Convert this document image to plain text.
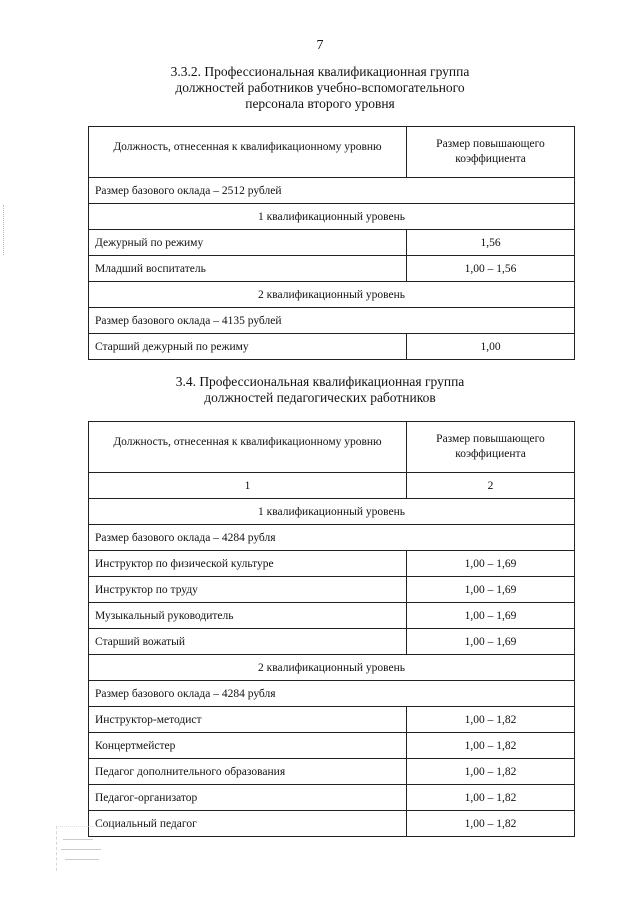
7
3.3.2. Профессиональная квалификационная группа
должностей работников учебно-вспомогательного
персонала второго уровня
Должность, отнесенная к квалификационному уровню	Размер повышающего коэффициента
Размер базового оклада – 2512 рублей	
1 квалификационный уровень	
Дежурный по режиму	1,56
Младший воспитатель	1,00 – 1,56
2 квалификационный уровень	
Размер базового оклада – 4135 рублей	
Старший дежурный по режиму	1,00
3.4. Профессиональная квалификационная группа
должностей педагогических работников
Должность, отнесенная к квалификационному уровню	Размер повышающего коэффициента
1	2
1 квалификационный уровень	
Размер базового оклада – 4284 рубля	
Инструктор по физической культуре	1,00 – 1,69
Инструктор по труду	1,00 – 1,69
Музыкальный руководитель	1,00 – 1,69
Старший вожатый	1,00 – 1,69
2 квалификационный уровень	
Размер базового оклада – 4284 рубля	
Инструктор-методист	1,00 – 1,82
Концертмейстер	1,00 – 1,82
Педагог дополнительного образования	1,00 – 1,82
Педагог-организатор	1,00 – 1,82
Социальный педагог	1,00 – 1,82
